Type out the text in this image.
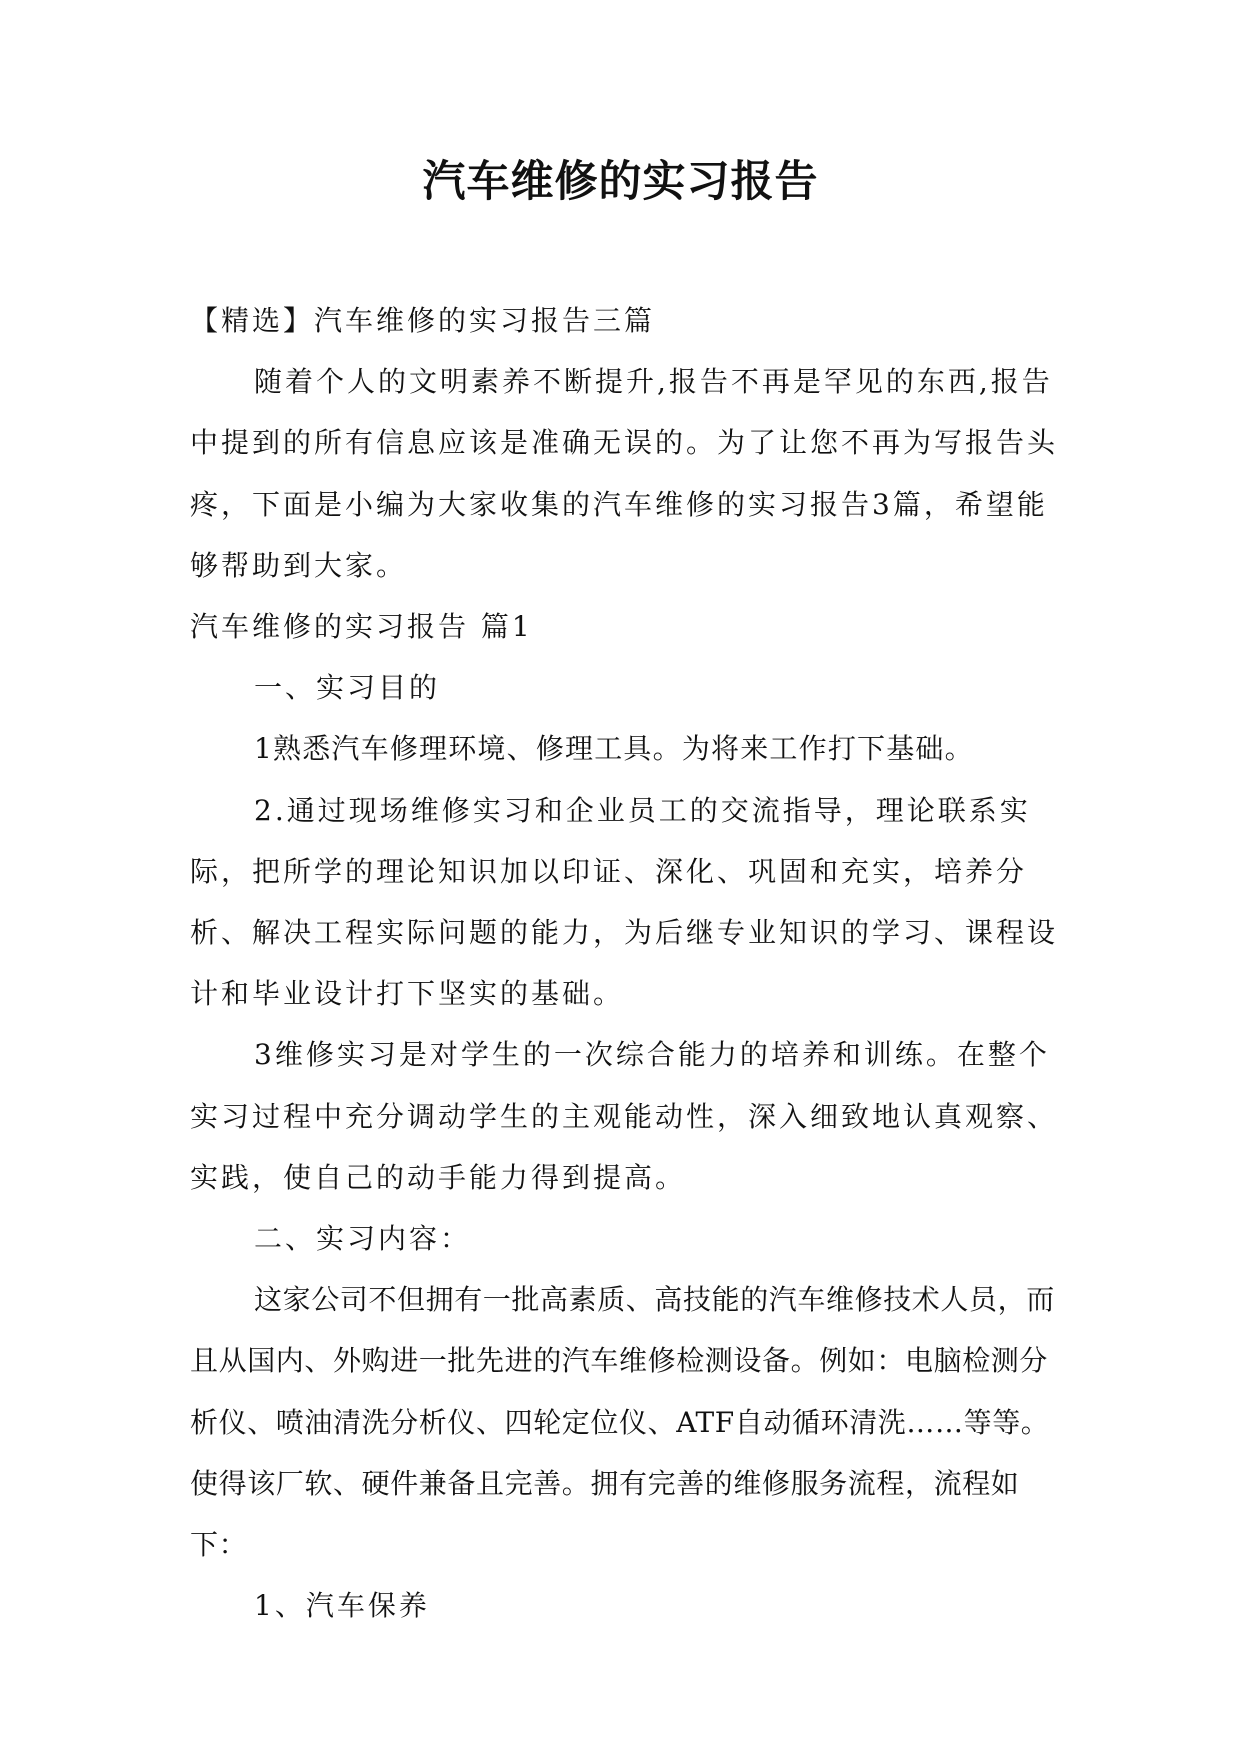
汽车维修的实习报告

【精选】汽车维修的实习报告三篇

随着个人的文明素养不断提升,报告不再是罕见的东西,报告中提到的所有信息应该是准确无误的。为了让您不再为写报告头疼，下面是小编为大家收集的汽车维修的实习报告3篇，希望能够帮助到大家。

汽车维修的实习报告 篇1

一、实习目的

1熟悉汽车修理环境、修理工具。为将来工作打下基础。

2.通过现场维修实习和企业员工的交流指导，理论联系实际，把所学的理论知识加以印证、深化、巩固和充实，培养分析、解决工程实际问题的能力，为后继专业知识的学习、课程设计和毕业设计打下坚实的基础。

3维修实习是对学生的一次综合能力的培养和训练。在整个实习过程中充分调动学生的主观能动性，深入细致地认真观察、实践，使自己的动手能力得到提高。

二、实习内容：

这家公司不但拥有一批高素质、高技能的汽车维修技术人员，而且从国内、外购进一批先进的汽车维修检测设备。例如：电脑检测分析仪、喷油清洗分析仪、四轮定位仪、ATF自动循环清洗……等等。使得该厂软、硬件兼备且完善。拥有完善的维修服务流程，流程如下：

1、汽车保养
